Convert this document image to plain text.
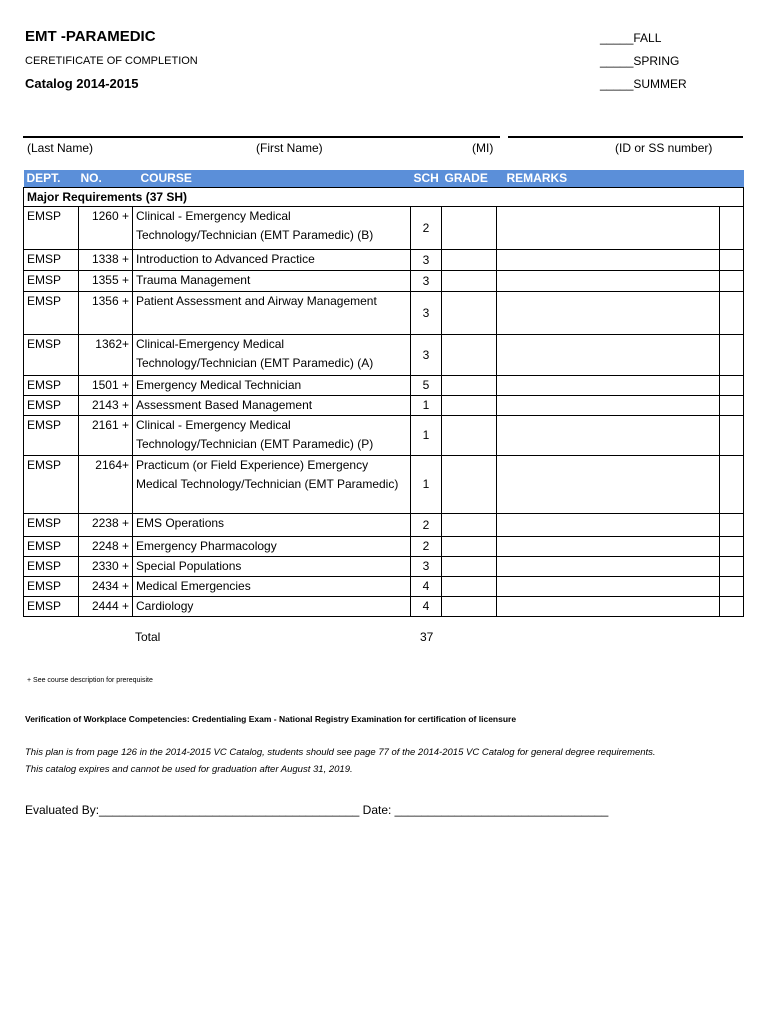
EMT -PARAMEDIC
CERETIFICATE OF COMPLETION
Catalog 2014-2015
_____FALL
_____SPRING
_____SUMMER
(Last Name)	(First Name)	(MI)	(ID or SS number)
DEPT.	NO.	COURSE	SCH	GRADE	REMARKS	
Major Requirements (37 SH)						
EMSP	1260 +	Clinical - Emergency Medical Technology/Technician (EMT Paramedic) (B)	2			
EMSP	1338 +	Introduction to Advanced Practice	3			
EMSP	1355 +	Trauma Management	3			
EMSP	1356 +	Patient Assessment and Airway Management	3			
EMSP	1362+	Clinical-Emergency Medical Technology/Technician (EMT Paramedic) (A)	3			
EMSP	1501 +	Emergency Medical Technician	5			
EMSP	2143 +	Assessment Based Management	1			
EMSP	2161 +	Clinical - Emergency Medical Technology/Technician (EMT Paramedic) (P)	1			
EMSP	2164+	Practicum (or Field Experience) Emergency Medical Technology/Technician (EMT Paramedic)	1			
EMSP	2238 +	EMS Operations	2			
EMSP	2248 +	Emergency Pharmacology	2			
EMSP	2330 +	Special Populations	3			
EMSP	2434 +	Medical Emergencies	4			
EMSP	2444 +	Cardiology	4			
Total	37
+ See course description for prerequisite
Verification of Workplace Competencies: Credentialing Exam - National Registry Examination for certification of licensure
This plan is from page 126 in the 2014-2015 VC Catalog, students should see page 77 of the 2014-2015 VC Catalog for general degree requirements.
This catalog expires and cannot be used for graduation after August 31, 2019.
Evaluated By:_______________________________________ Date: ________________________________
